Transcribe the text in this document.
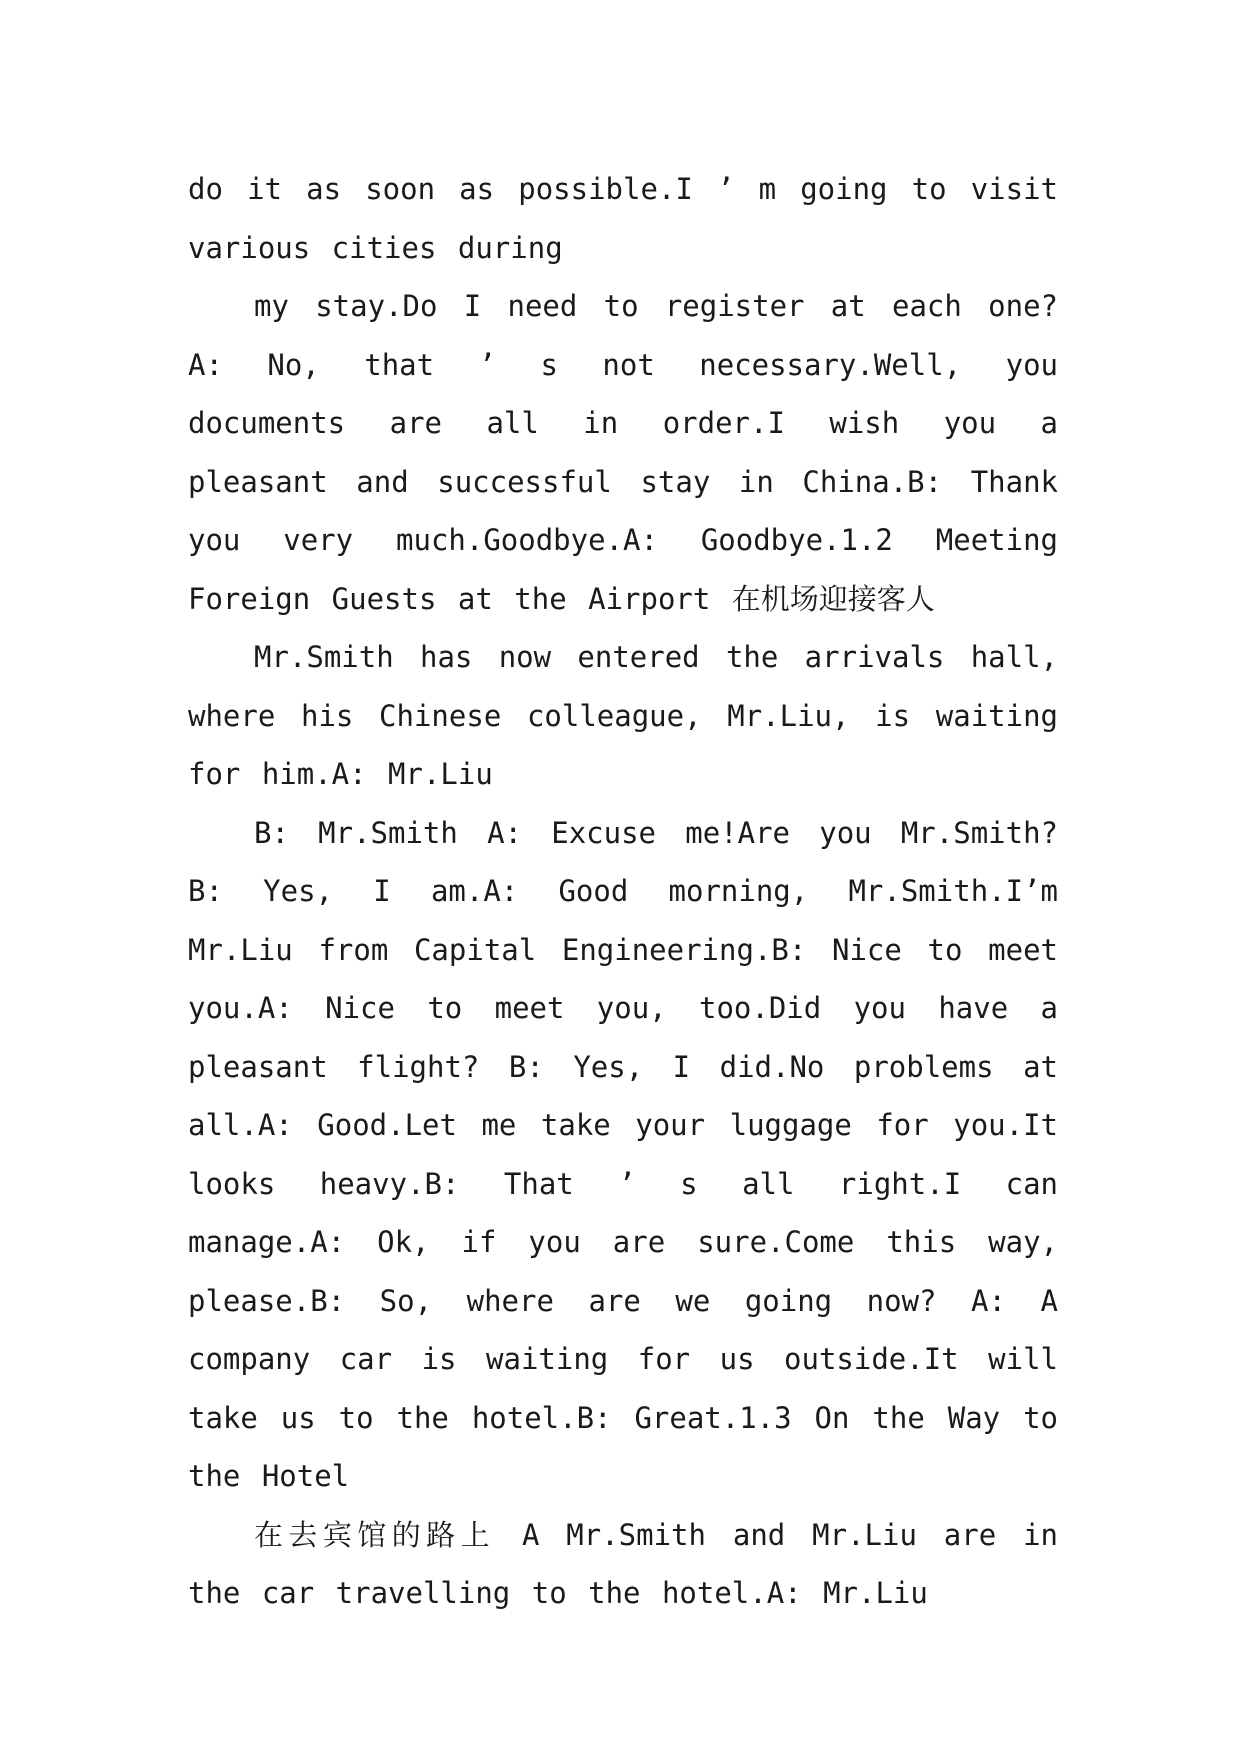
do it as soon as possible.I ’ m going to visit various cities during

my stay.Do I need to register at each one? A: No, that ’ s not necessary.Well, you documents are all in order.I wish you a pleasant and successful stay in China.B: Thank you very much.Goodbye.A: Goodbye.1.2 Meeting Foreign Guests at the Airport 在机场迎接客人

Mr.Smith has now entered the arrivals hall, where his Chinese colleague, Mr.Liu, is waiting for him.A: Mr.Liu

B: Mr.Smith A: Excuse me!Are you Mr.Smith? B: Yes, I am.A: Good morning, Mr.Smith.I’m Mr.Liu from Capital Engineering.B: Nice to meet you.A: Nice to meet you, too.Did you have a pleasant flight? B: Yes, I did.No problems at all.A: Good.Let me take your luggage for you.It looks heavy.B: That ’ s all right.I can manage.A: Ok, if you are sure.Come this way, please.B: So, where are we going now? A: A company car is waiting for us outside.It will take us to the hotel.B: Great.1.3 On the Way to the Hotel

在去宾馆的路上 A Mr.Smith and Mr.Liu are in the car travelling to the hotel.A: Mr.Liu
